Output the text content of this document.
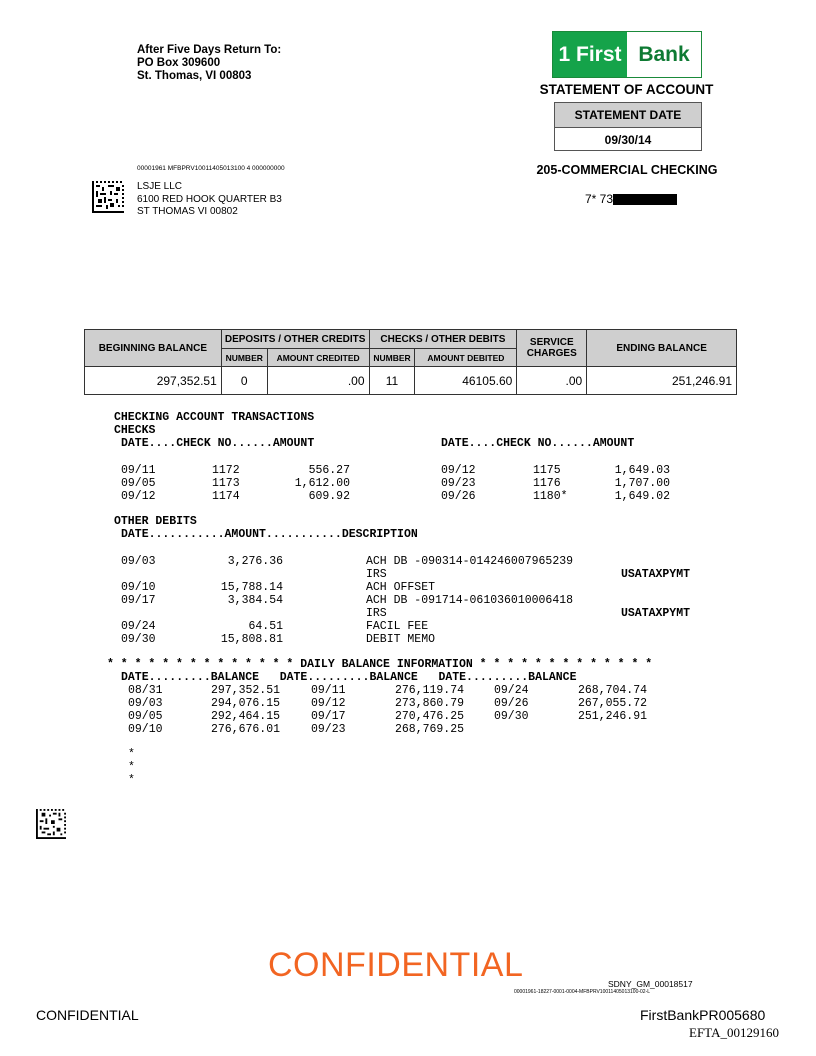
After Five Days Return To:
PO Box 309600
St. Thomas, VI 00803
1 First Bank
STATEMENT OF ACCOUNT
STATEMENT DATE
09/30/14
205-COMMERCIAL CHECKING
7* 73
00001961 MFBPRV10011405013100 4 000000000
LSJE LLC
6100 RED HOOK QUARTER B3
ST THOMAS VI 00802
BEGINNING BALANCE	DEPOSITS / OTHER CREDITS		CHECKS / OTHER DEBITS		SERVICE CHARGES	ENDING BALANCE
	NUMBER	AMOUNT CREDITED	NUMBER	AMOUNT DEBITED		
297,352.51	0	.00	11	46105.60	.00	251,246.91
CHECKING ACCOUNT TRANSACTIONS
CHECKS
DATE....CHECK NO......AMOUNT	DATE....CHECK NO......AMOUNT
09/11	1172	556.27
09/05	1173	1,612.00
09/12	1174	609.92
09/12	1175	1,649.03
09/23	1176	1,707.00
09/26	1180*	1,649.02
OTHER DEBITS
DATE...........AMOUNT...........DESCRIPTION
09/03	3,276.36	ACH DB -090314-014246007965239
IRS	USATAXPYMT
09/10	15,788.14	ACH OFFSET
09/17	3,384.54	ACH DB -091714-061036010006418
IRS	USATAXPYMT
09/24	64.51	FACIL FEE
09/30	15,808.81	DEBIT MEMO
* * * * * * * * * * * * * * DAILY BALANCE INFORMATION * * * * * * * * * * * * *
DATE.........BALANCE   DATE.........BALANCE   DATE.........BALANCE
08/31	297,352.51
09/03	294,076.15
09/05	292,464.15
09/10	276,676.01
09/11	276,119.74
09/12	273,860.79
09/17	270,476.25
09/23	268,769.25
09/24	268,704.74
09/26	267,055.72
09/30	251,246.91
*
*
*
CONFIDENTIAL	SDNY_GM_00018517
00001961-18227-0001-0004-MFBPRV10011405013100-02-L
CONFIDENTIAL	FirstBankPR005680
EFTA_00129160
